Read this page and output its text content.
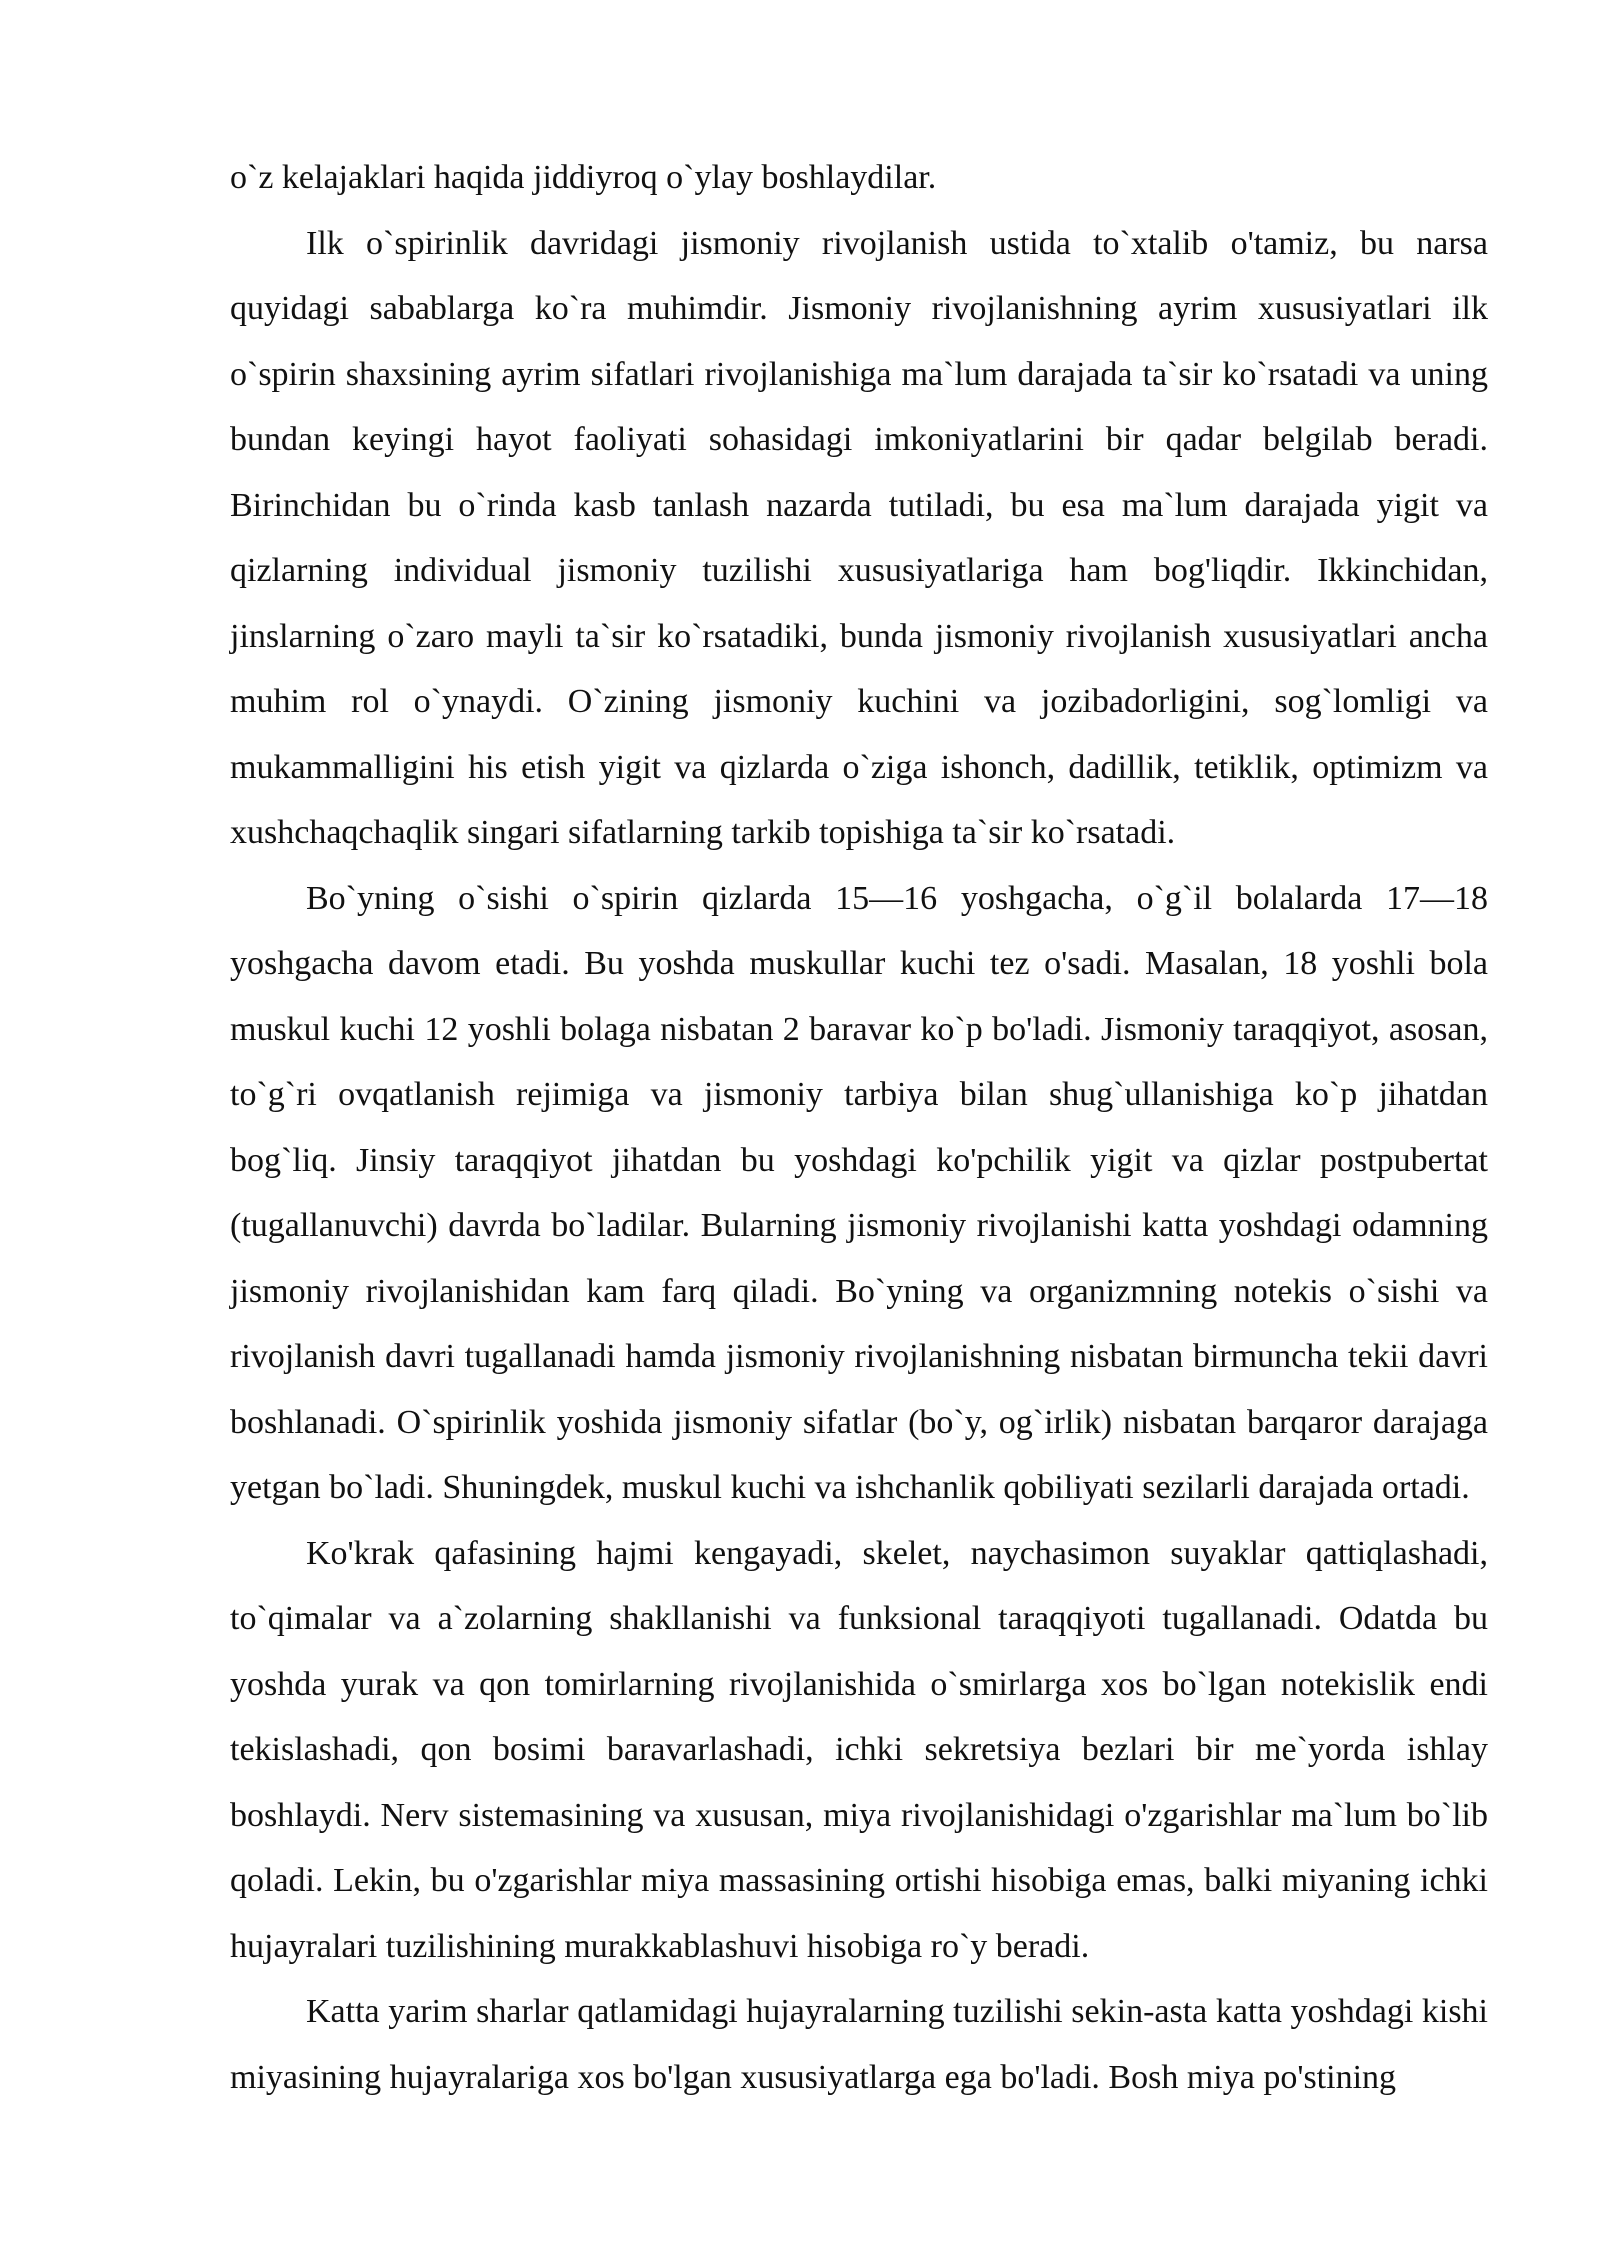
o`z kelajaklari haqida jiddiyroq o`ylay boshlaydilar.

Ilk o`spirinlik davridagi jismoniy rivojlanish ustida to`xtalib o'tamiz, bu narsa quyidagi sabablarga ko`ra muhimdir. Jismoniy rivojlanishning ayrim xususiyatlari ilk o`spirin shaxsining ayrim sifatlari rivojlanishiga ma`lum darajada ta`sir ko`rsatadi va uning bundan keyingi hayot faoliyati sohasidagi imkoniyatlarini bir qadar belgilab beradi. Birinchidan bu o`rinda kasb tanlash nazarda tutiladi, bu esa ma`lum darajada yigit va qizlarning individual jismoniy tuzilishi xususiyatlariga ham bog'liqdir. Ikkinchidan, jinslarning o`zaro mayli ta`sir ko`rsatadiki, bunda jismoniy rivojlanish xususiyatlari ancha muhim rol o`ynaydi. O`zining jismoniy kuchini va jozibadorligini, sog`lomligi va mukammalligini his etish yigit va qizlarda o`ziga ishonch, dadillik, tetiklik, optimizm va xushchaqchaqlik singari sifatlarning tarkib topishiga ta`sir ko`rsatadi.

Bo`yning o`sishi o`spirin qizlarda 15—16 yoshgacha, o`g`il bolalarda 17—18 yoshgacha davom etadi. Bu yoshda muskullar kuchi tez o'sadi. Masalan, 18 yoshli bola muskul kuchi 12 yoshli bolaga nisbatan 2 baravar ko`p bo'ladi. Jismoniy taraqqiyot, asosan, to`g`ri ovqatlanish rejimiga va jismoniy tarbiya bilan shug`ullanishiga ko`p jihatdan bog`liq. Jinsiy taraqqiyot jihatdan bu yoshdagi ko'pchilik yigit va qizlar postpubertat (tugallanuvchi) davrda bo`ladilar. Bularning jismoniy rivojlanishi katta yoshdagi odamning jismoniy rivojlanishidan kam farq qiladi. Bo`yning va organizmning notekis o`sishi va rivojlanish davri tugallanadi hamda jismoniy rivojlanishning nisbatan birmuncha tekii davri boshlanadi. O`spirinlik yoshida jismoniy sifatlar (bo`y, og`irlik) nisbatan barqaror darajaga yetgan bo`ladi. Shuningdek, muskul kuchi va ishchanlik qobiliyati sezilarli darajada ortadi.

Ko'krak qafasining hajmi kengayadi, skelet, naychasimon suyaklar qattiqlashadi, to`qimalar va a`zolarning shakllanishi va funksional taraqqiyoti tugallanadi. Odatda bu yoshda yurak va qon tomirlarning rivojlanishida o`smirlarga xos bo`lgan notekislik endi tekislashadi, qon bosimi baravarlashadi, ichki sekretsiya bezlari bir me`yorda ishlay boshlaydi. Nerv sistemasining va xususan, miya rivojlanishidagi o'zgarishlar ma`lum bo`lib qoladi. Lekin, bu o'zgarishlar miya massasining ortishi hisobiga emas, balki miyaning ichki hujayralari tuzilishining murakkablashuvi hisobiga ro`y beradi.

Katta yarim sharlar qatlamidagi hujayralarning tuzilishi sekin-asta katta yoshdagi kishi miyasining hujayralariga xos bo'lgan xususiyatlarga ega bo'ladi. Bosh miya po'stining
